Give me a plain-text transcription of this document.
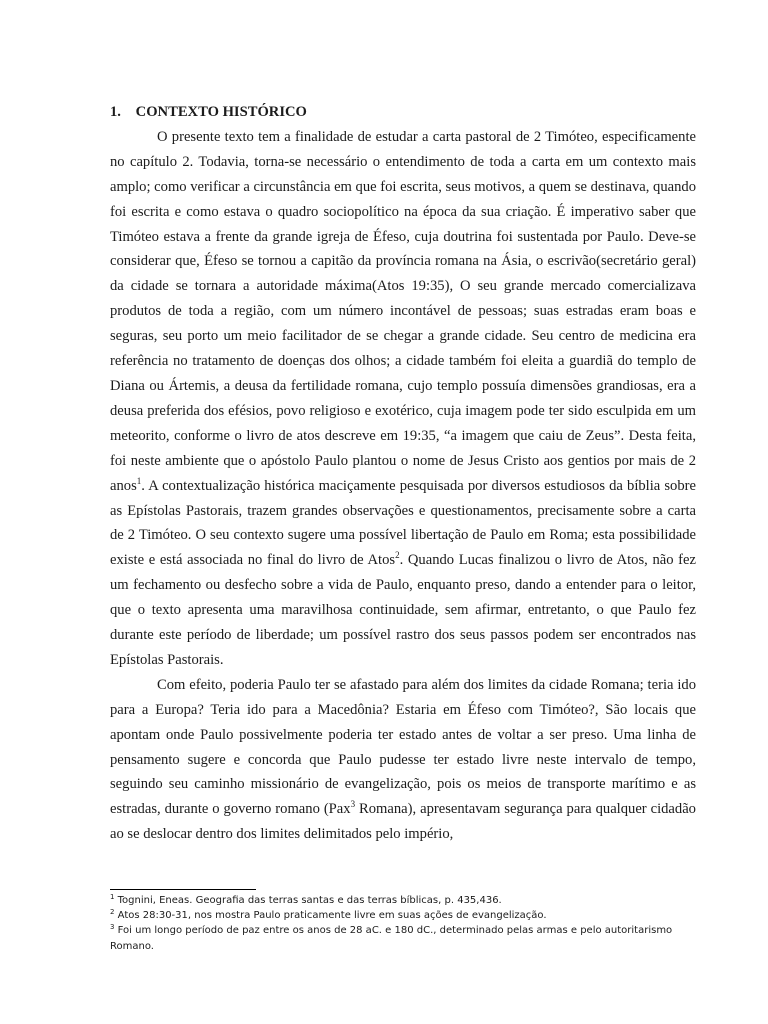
1. CONTEXTO HISTÓRICO

O presente texto tem a finalidade de estudar a carta pastoral de 2 Timóteo, especificamente no capítulo 2. Todavia, torna-se necessário o entendimento de toda a carta em um contexto mais amplo; como verificar a circunstância em que foi escrita, seus motivos, a quem se destinava, quando foi escrita e como estava o quadro sociopolítico na época da sua criação. É imperativo saber que Timóteo estava a frente da grande igreja de Éfeso, cuja doutrina foi sustentada por Paulo. Deve-se considerar que, Éfeso se tornou a capitão da província romana na Ásia, o escrivão(secretário geral) da cidade se tornara a autoridade máxima(Atos 19:35), O seu grande mercado comercializava produtos de toda a região, com um número incontável de pessoas; suas estradas eram boas e seguras, seu porto um meio facilitador de se chegar a grande cidade. Seu centro de medicina era referência no tratamento de doenças dos olhos; a cidade também foi eleita a guardiã do templo de Diana ou Ártemis, a deusa da fertilidade romana, cujo templo possuía dimensões grandiosas, era a deusa preferida dos efésios, povo religioso e exotérico, cuja imagem pode ter sido esculpida em um meteorito, conforme o livro de atos descreve em 19:35, “a imagem que caiu de Zeus”. Desta feita, foi neste ambiente que o apóstolo Paulo plantou o nome de Jesus Cristo aos gentios por mais de 2 anos$^1$. A contextualização histórica maciçamente pesquisada por diversos estudiosos da bíblia sobre as Epístolas Pastorais, trazem grandes observações e questionamentos, precisamente sobre a carta de 2 Timóteo. O seu contexto sugere uma possível libertação de Paulo em Roma; esta possibilidade existe e está associada no final do livro de Atos$^2$. Quando Lucas finalizou o livro de Atos, não fez um fechamento ou desfecho sobre a vida de Paulo, enquanto preso, dando a entender para o leitor, que o texto apresenta uma maravilhosa continuidade, sem afirmar, entretanto, o que Paulo fez durante este período de liberdade; um possível rastro dos seus passos podem ser encontrados nas Epístolas Pastorais.

Com efeito, poderia Paulo ter se afastado para além dos limites da cidade Romana; teria ido para a Europa? Teria ido para a Macedônia? Estaria em Éfeso com Timóteo?, São locais que apontam onde Paulo possivelmente poderia ter estado antes de voltar a ser preso. Uma linha de pensamento sugere e concorda que Paulo pudesse ter estado livre neste intervalo de tempo, seguindo seu caminho missionário de evangelização, pois os meios de transporte marítimo e as estradas, durante o governo romano (Pax$^3$ Romana), apresentavam segurança para qualquer cidadão ao se deslocar dentro dos limites delimitados pelo império,

$^1$ Tognini, Eneas. Geografia das terras santas e das terras bíblicas, p. 435,436.

$^2$ Atos 28:30-31, nos mostra Paulo praticamente livre em suas ações de evangelização.

$^3$ Foi um longo período de paz entre os anos de 28 aC. e 180 dC., determinado pelas armas e pelo autoritarismo Romano.
